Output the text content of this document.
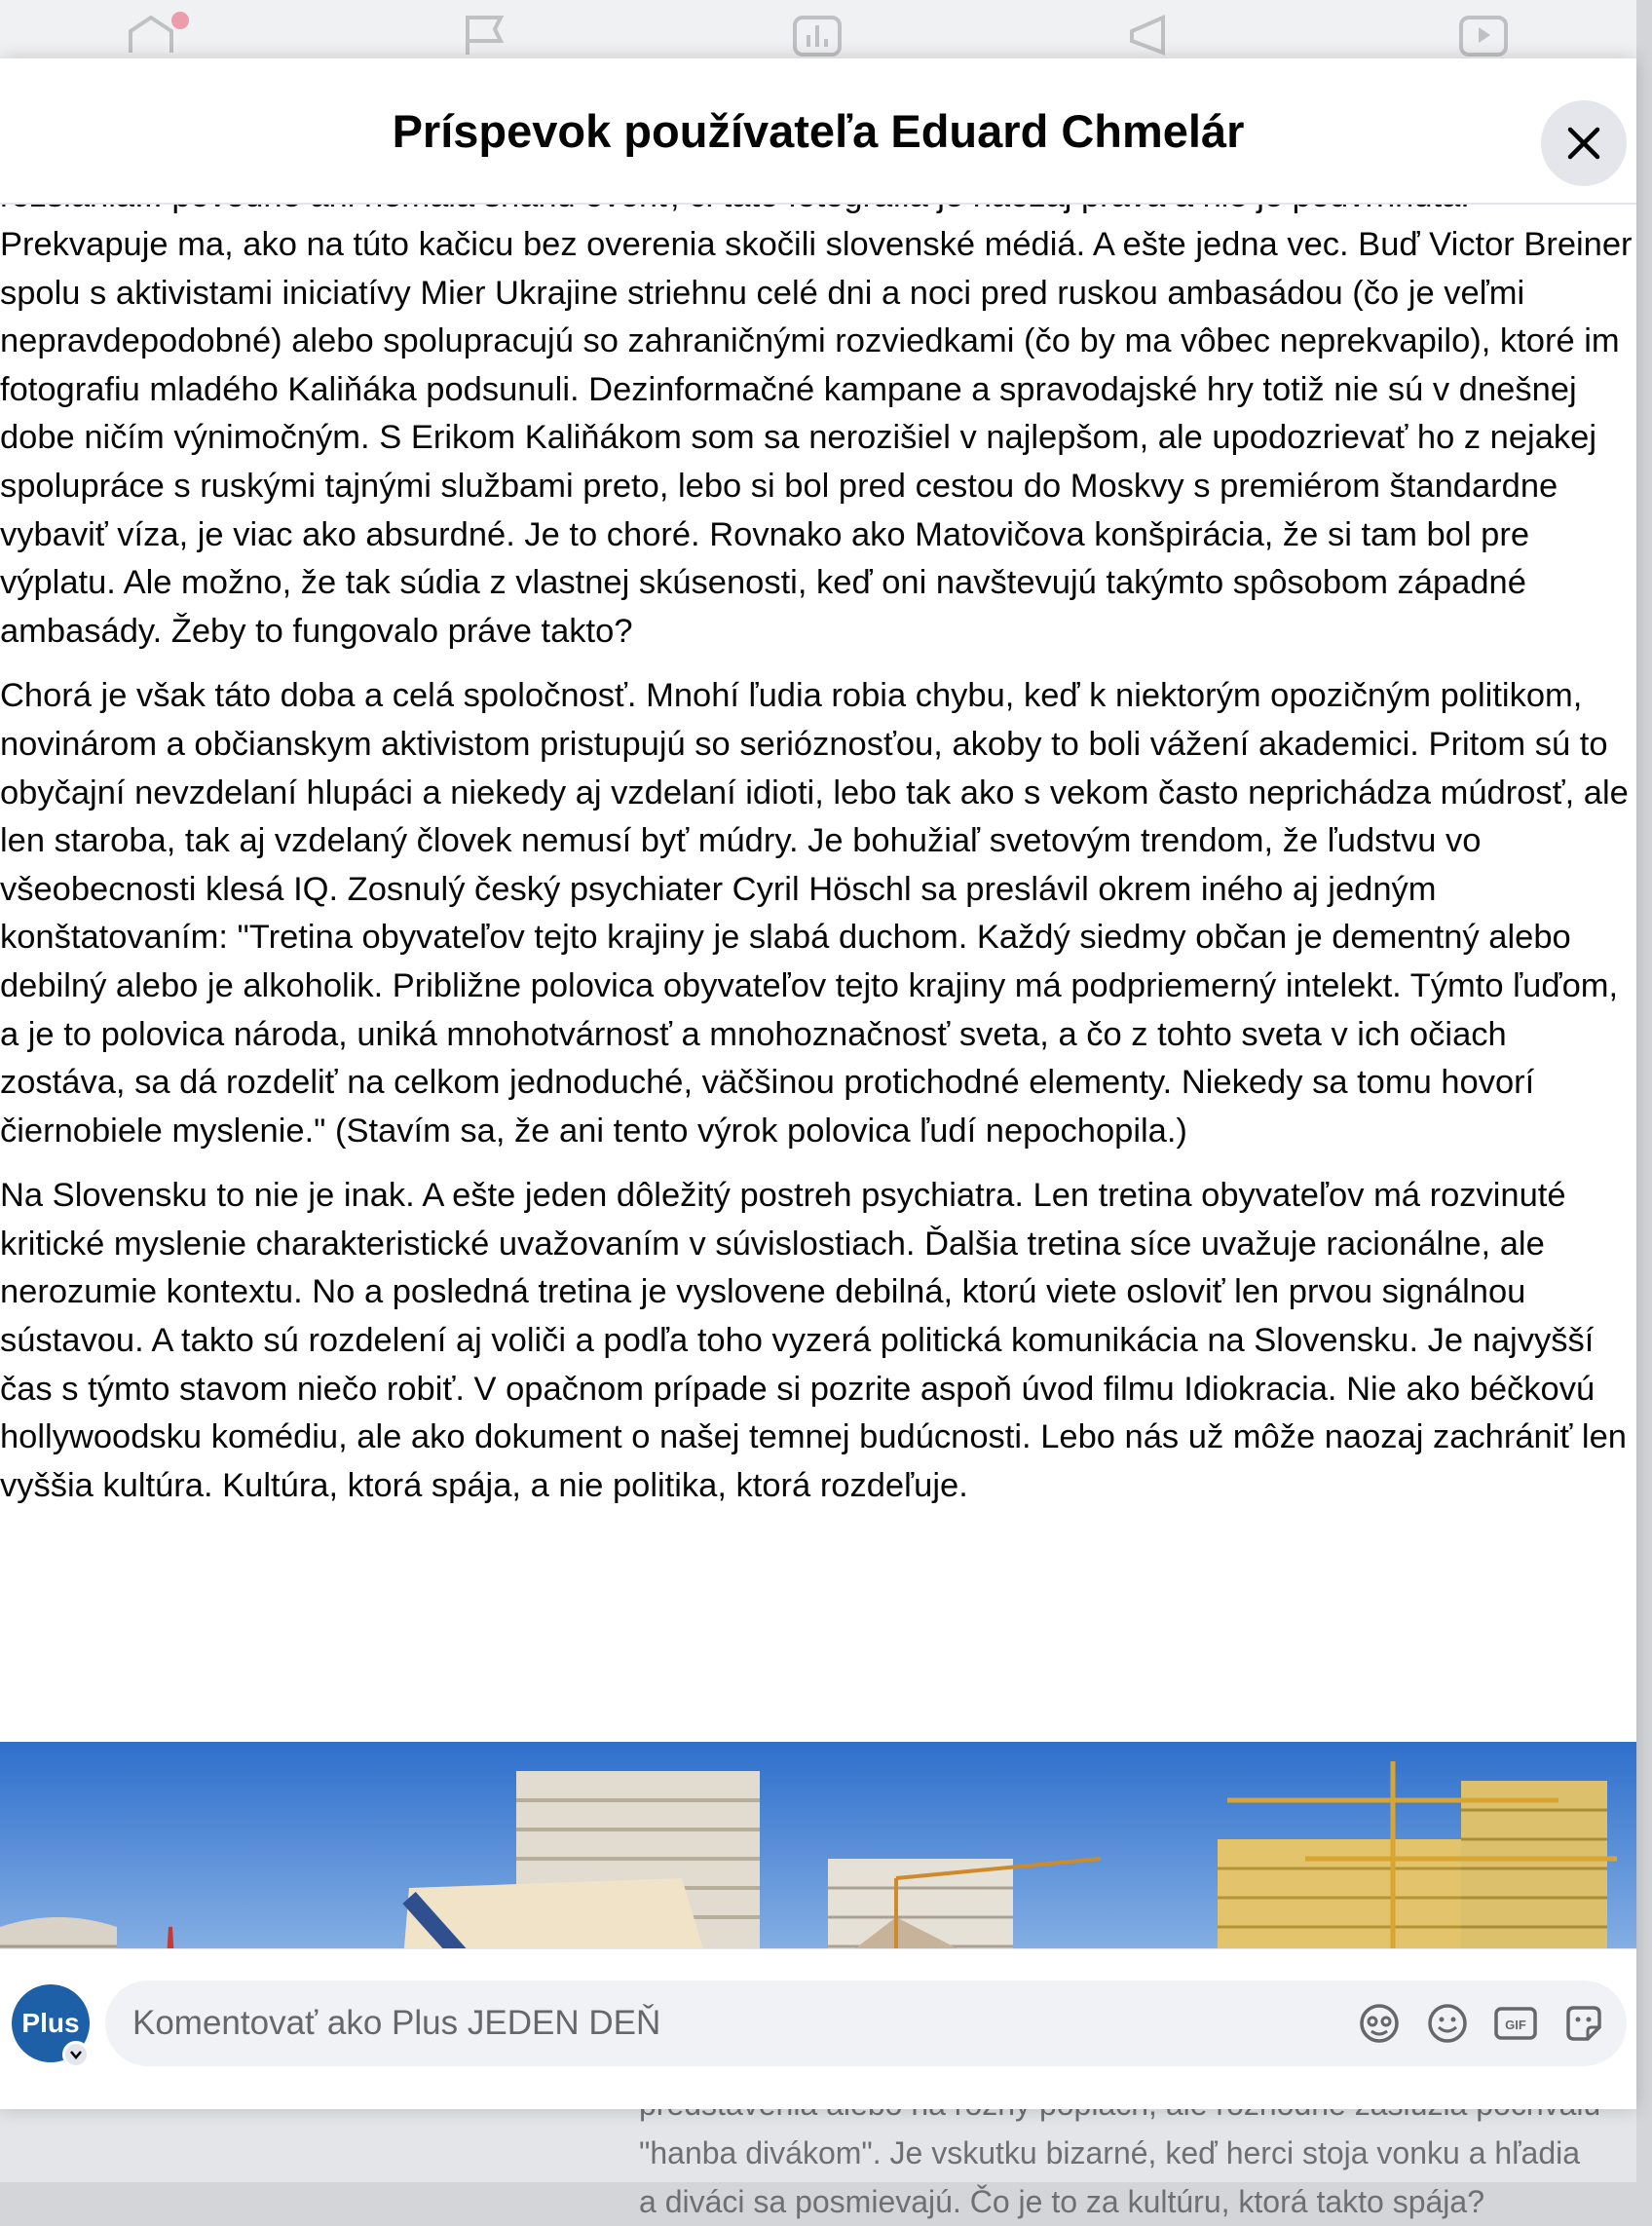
"hanba divákom". Je vskutku bizarné, keď herci stoja vonku a hľadia
a diváci sa posmievajú. Čo je to za kultúru, ktorá takto spája?
Príspevok používateľa Eduard Chmelár

Prekvapuje ma, ako na túto kačicu bez overenia skočili slovenské médiá. A ešte jedna vec. Buď Victor Breiner spolu s aktivistami iniciatívy Mier Ukrajine striehnu celé dni a noci pred ruskou ambasádou (čo je veľmi nepravdepodobné) alebo spolupracujú so zahraničnými rozviedkami (čo by ma vôbec neprekvapilo), ktoré im fotografiu mladého Kaliňáka podsunuli. Dezinformačné kampane a spravodajské hry totiž nie sú v dnešnej dobe ničím výnimočným. S Erikom Kaliňákom som sa nerozišiel v najlepšom, ale upodozrievať ho z nejakej spolupráce s ruskými tajnými službami preto, lebo si bol pred cestou do Moskvy s premiérom štandardne vybaviť víza, je viac ako absurdné. Je to choré. Rovnako ako Matovičova konšpirácia, že si tam bol pre výplatu. Ale možno, že tak súdia z vlastnej skúsenosti, keď oni navštevujú takýmto spôsobom západné ambasády. Žeby to fungovalo práve takto?

Chorá je však táto doba a celá spoločnosť. Mnohí ľudia robia chybu, keď k niektorým opozičným politikom, novinárom a občianskym aktivistom pristupujú so serióznosťou, akoby to boli vážení akademici. Pritom sú to obyčajní nevzdelaní hlupáci a niekedy aj vzdelaní idioti, lebo tak ako s vekom často neprichádza múdrosť, ale len staroba, tak aj vzdelaný človek nemusí byť múdry. Je bohužiaľ svetovým trendom, že ľudstvu vo všeobecnosti klesá IQ. Zosnulý český psychiater Cyril Höschl sa preslávil okrem iného aj jedným konštatovaním: "Tretina obyvateľov tejto krajiny je slabá duchom. Každý siedmy občan je dementný alebo debilný alebo je alkoholik. Približne polovica obyvateľov tejto krajiny má podpriemerný intelekt. Týmto ľuďom, a je to polovica národa, uniká mnohotvárnosť a mnohoznačnosť sveta, a čo z tohto sveta v ich očiach zostáva, sa dá rozdeliť na celkom jednoduché, väčšinou protichodné elementy. Niekedy sa tomu hovorí čiernobiele myslenie." (Stavím sa, že ani tento výrok polovica ľudí nepochopila.)

Na Slovensku to nie je inak. A ešte jeden dôležitý postreh psychiatra. Len tretina obyvateľov má rozvinuté kritické myslenie charakteristické uvažovaním v súvislostiach. Ďalšia tretina síce uvažuje racionálne, ale nerozumie kontextu. No a posledná tretina je vyslovene debilná, ktorú viete osloviť len prvou signálnou sústavou. A takto sú rozdelení aj voliči a podľa toho vyzerá politická komunikácia na Slovensku. Je najvyšší čas s týmto stavom niečo robiť. V opačnom prípade si pozrite aspoň úvod filmu Idiokracia. Nie ako béčkovú hollywoodsku komédiu, ale ako dokument o našej temnej budúcnosti. Lebo nás už môže naozaj zachrániť len vyššia kultúra. Kultúra, ktorá spája, a nie politika, ktorá rozdeľuje.

Plus
Komentovať ako Plus JEDEN DEŇ	GIF
